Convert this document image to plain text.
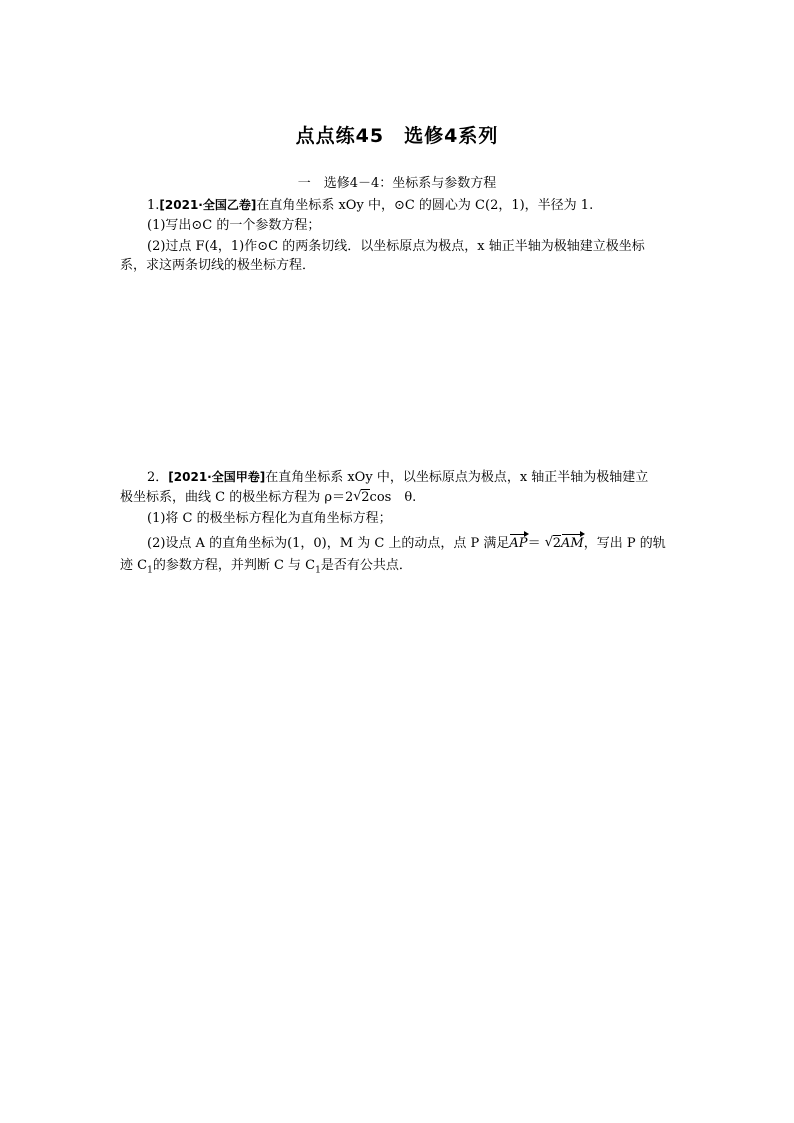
点点练45　选修4系列
一　选修4－4：坐标系与参数方程
1.[2021·全国乙卷]在直角坐标系 xOy 中，⊙C 的圆心为 C(2，1)，半径为 1.
(1)写出⊙C 的一个参数方程；
(2)过点 F(4，1)作⊙C 的两条切线．以坐标原点为极点，x 轴正半轴为极轴建立极坐标
系，求这两条切线的极坐标方程．
2．[2021·全国甲卷]在直角坐标系 xOy 中，以坐标原点为极点，x 轴正半轴为极轴建立
极坐标系，曲线 C 的极坐标方程为 ρ＝2 √ 2cos　θ.
(1)将 C 的极坐标方程化为直角坐标方程；
(2)设点 A 的直角坐标为(1，0)，M 为 C 上的动点，点 P 满足AP＝ √ 2AM，写出 P 的轨
迹 $C_1$的参数方程，并判断 C 与 $C_1$是否有公共点．
